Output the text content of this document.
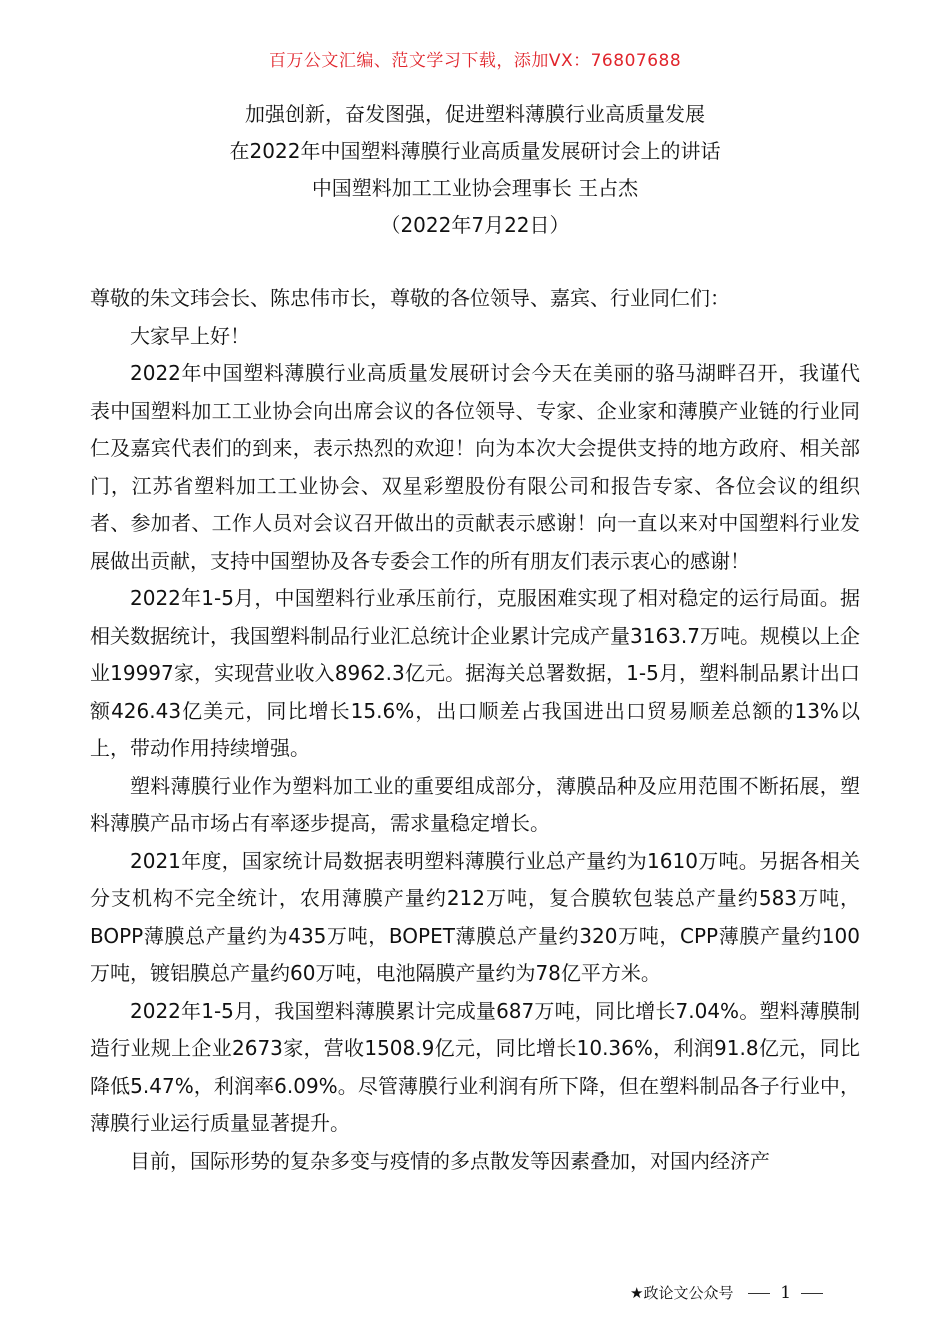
百万公文汇编、范文学习下载，添加VX：76807688
加强创新，奋发图强，促进塑料薄膜行业高质量发展
在2022年中国塑料薄膜行业高质量发展研讨会上的讲话
中国塑料加工工业协会理事长 王占杰
（2022年7月22日）

尊敬的朱文玮会长、陈忠伟市长，尊敬的各位领导、嘉宾、行业同仁们：

大家早上好！

2022年中国塑料薄膜行业高质量发展研讨会今天在美丽的骆马湖畔召开，我谨代表中国塑料加工工业协会向出席会议的各位领导、专家、企业家和薄膜产业链的行业同仁及嘉宾代表们的到来，表示热烈的欢迎！向为本次大会提供支持的地方政府、相关部门，江苏省塑料加工工业协会、双星彩塑股份有限公司和报告专家、各位会议的组织者、参加者、工作人员对会议召开做出的贡献表示感谢！向一直以来对中国塑料行业发展做出贡献，支持中国塑协及各专委会工作的所有朋友们表示衷心的感谢！

2022年1-5月，中国塑料行业承压前行，克服困难实现了相对稳定的运行局面。据相关数据统计，我国塑料制品行业汇总统计企业累计完成产量3163.7万吨。规模以上企业19997家，实现营业收入8962.3亿元。据海关总署数据，1-5月，塑料制品累计出口额426.43亿美元，同比增长15.6%，出口顺差占我国进出口贸易顺差总额的13%以上，带动作用持续增强。

塑料薄膜行业作为塑料加工业的重要组成部分，薄膜品种及应用范围不断拓展，塑料薄膜产品市场占有率逐步提高，需求量稳定增长。

2021年度，国家统计局数据表明塑料薄膜行业总产量约为1610万吨。另据各相关分支机构不完全统计，农用薄膜产量约212万吨，复合膜软包装总产量约583万吨，BOPP薄膜总产量约为435万吨，BOPET薄膜总产量约320万吨，CPP薄膜产量约100万吨，镀铝膜总产量约60万吨，电池隔膜产量约为78亿平方米。

2022年1-5月，我国塑料薄膜累计完成量687万吨，同比增长7.04%。塑料薄膜制造行业规上企业2673家，营收1508.9亿元，同比增长10.36%，利润91.8亿元，同比降低5.47%，利润率6.09%。尽管薄膜行业利润有所下降，但在塑料制品各子行业中，薄膜行业运行质量显著提升。

目前，国际形势的复杂多变与疫情的多点散发等因素叠加，对国内经济产

★政论文公众号	1
